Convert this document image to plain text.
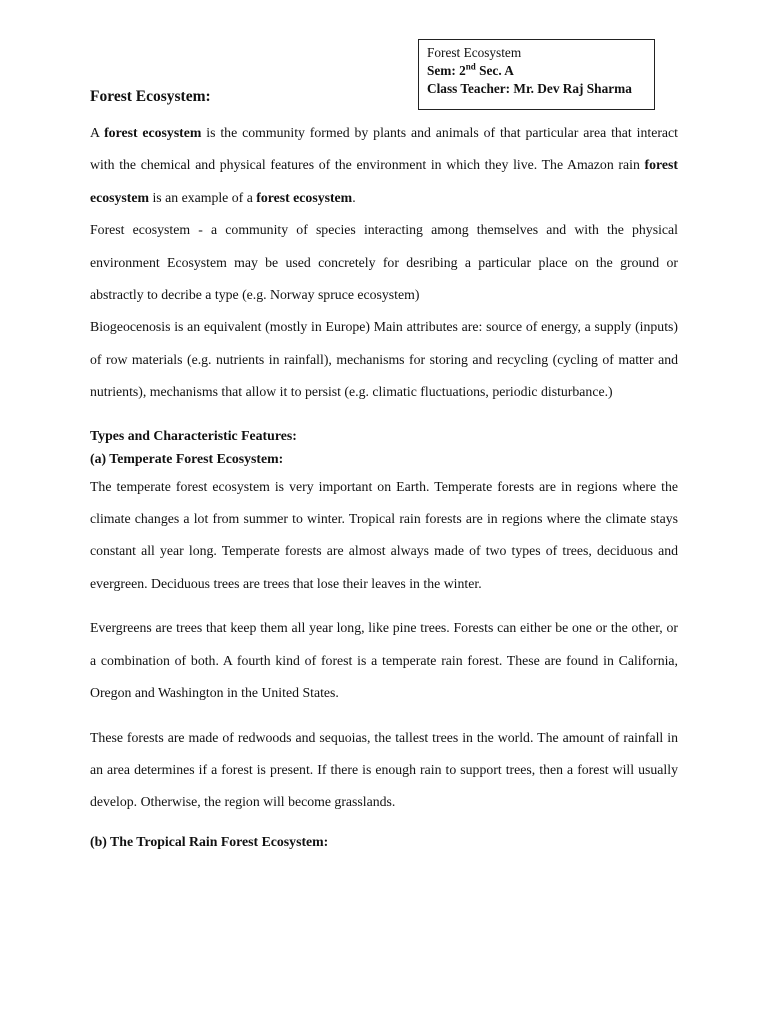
Forest Ecosystem
Sem: 2nd Sec. A
Class Teacher: Mr. Dev Raj Sharma
Forest Ecosystem:

A forest ecosystem is the community formed by plants and animals of that particular area that interact with the chemical and physical features of the environment in which they live. The Amazon rain forest ecosystem is an example of a forest ecosystem.

Forest ecosystem - a community of species interacting among themselves and with the physical environment Ecosystem may be used concretely for desribing a particular place on the ground or abstractly to decribe a type (e.g. Norway spruce ecosystem)

Biogeocenosis is an equivalent (mostly in Europe) Main attributes are: source of energy, a supply (inputs) of row materials (e.g. nutrients in rainfall), mechanisms for storing and recycling (cycling of matter and nutrients), mechanisms that allow it to persist (e.g. climatic fluctuations, periodic disturbance.)

Types and Characteristic Features:

(a) Temperate Forest Ecosystem:

The temperate forest ecosystem is very important on Earth. Temperate forests are in regions where the climate changes a lot from summer to winter. Tropical rain forests are in regions where the climate stays constant all year long. Temperate forests are almost always made of two types of trees, deciduous and evergreen. Deciduous trees are trees that lose their leaves in the winter.

Evergreens are trees that keep them all year long, like pine trees. Forests can either be one or the other, or a combination of both. A fourth kind of forest is a temperate rain forest. These are found in California, Oregon and Washington in the United States.

These forests are made of redwoods and sequoias, the tallest trees in the world. The amount of rainfall in an area determines if a forest is present. If there is enough rain to support trees, then a forest will usually develop. Otherwise, the region will become grasslands.

(b) The Tropical Rain Forest Ecosystem:
